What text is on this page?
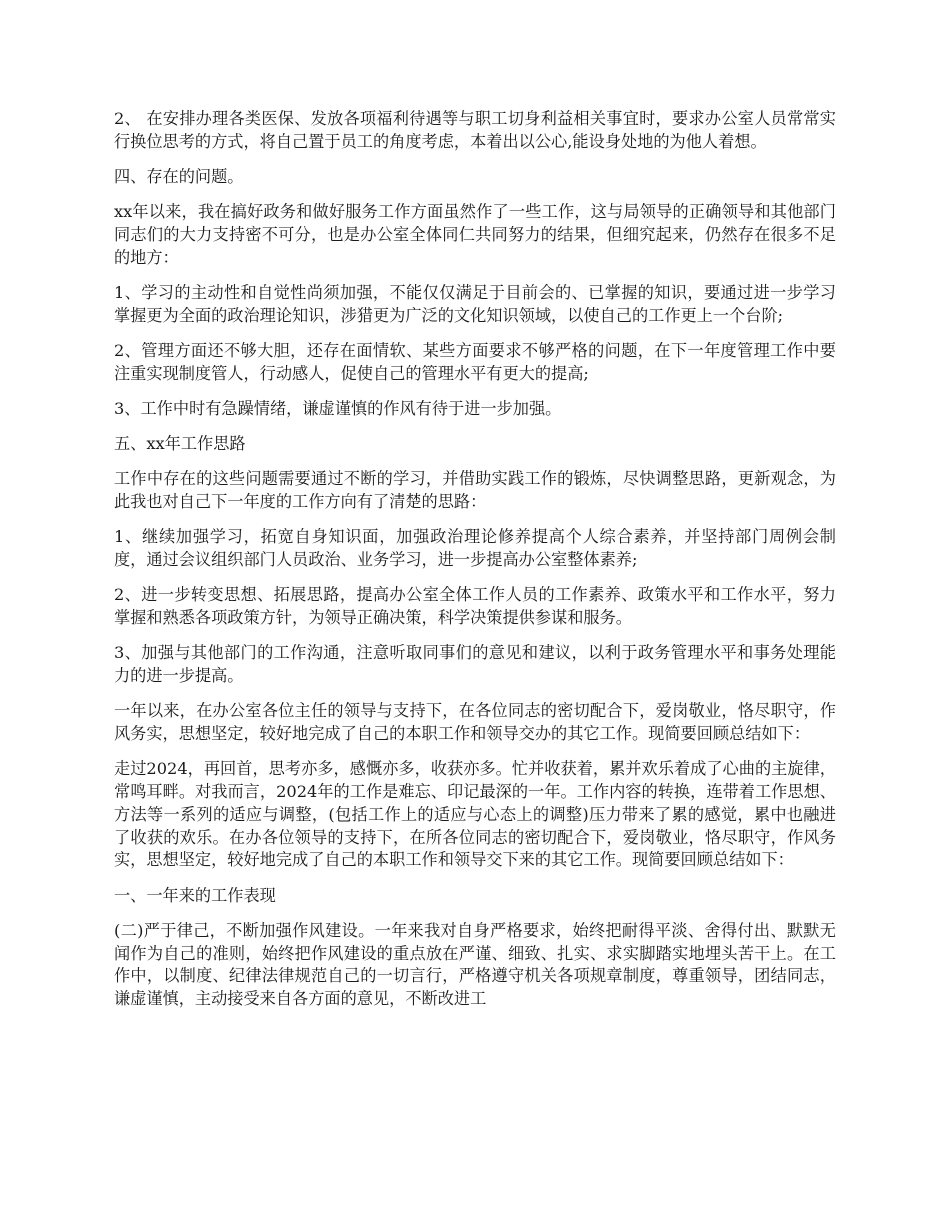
2、 在安排办理各类医保、发放各项福利待遇等与职工切身利益相关事宜时，要求办公室人员常常实行换位思考的方式，将自己置于员工的角度考虑，本着出以公心,能设身处地的为他人着想。

四、存在的问题。

xx年以来，我在搞好政务和做好服务工作方面虽然作了一些工作，这与局领导的正确领导和其他部门同志们的大力支持密不可分，也是办公室全体同仁共同努力的结果，但细究起来，仍然存在很多不足的地方：

1、学习的主动性和自觉性尚须加强，不能仅仅满足于目前会的、已掌握的知识，要通过进一步学习掌握更为全面的政治理论知识，涉猎更为广泛的文化知识领域，以使自己的工作更上一个台阶;

2、管理方面还不够大胆，还存在面情软、某些方面要求不够严格的问题，在下一年度管理工作中要注重实现制度管人，行动感人，促使自己的管理水平有更大的提高;

3、工作中时有急躁情绪，谦虚谨慎的作风有待于进一步加强。

五、xx年工作思路

工作中存在的这些问题需要通过不断的学习，并借助实践工作的锻炼，尽快调整思路，更新观念，为此我也对自己下一年度的工作方向有了清楚的思路：

1、继续加强学习，拓宽自身知识面，加强政治理论修养提高个人综合素养，并坚持部门周例会制度，通过会议组织部门人员政治、业务学习，进一步提高办公室整体素养;

2、进一步转变思想、拓展思路，提高办公室全体工作人员的工作素养、政策水平和工作水平，努力掌握和熟悉各项政策方针，为领导正确决策，科学决策提供参谋和服务。

3、加强与其他部门的工作沟通，注意听取同事们的意见和建议，以利于政务管理水平和事务处理能力的进一步提高。

一年以来，在办公室各位主任的领导与支持下，在各位同志的密切配合下，爱岗敬业，恪尽职守，作风务实，思想坚定，较好地完成了自己的本职工作和领导交办的其它工作。现简要回顾总结如下：

走过2024，再回首，思考亦多，感慨亦多，收获亦多。忙并收获着，累并欢乐着成了心曲的主旋律，常鸣耳畔。对我而言，2024年的工作是难忘、印记最深的一年。工作内容的转换，连带着工作思想、方法等一系列的适应与调整，(包括工作上的适应与心态上的调整)压力带来了累的感觉，累中也融进了收获的欢乐。在办各位领导的支持下，在所各位同志的密切配合下，爱岗敬业，恪尽职守，作风务实，思想坚定，较好地完成了自己的本职工作和领导交下来的其它工作。现简要回顾总结如下：

一、一年来的工作表现

(二)严于律己，不断加强作风建设。一年来我对自身严格要求，始终把耐得平淡、舍得付出、默默无闻作为自己的准则，始终把作风建设的重点放在严谨、细致、扎实、求实脚踏实地埋头苦干上。在工作中，以制度、纪律法律规范自己的一切言行，严格遵守机关各项规章制度，尊重领导，团结同志，谦虚谨慎，主动接受来自各方面的意见，不断改进工
